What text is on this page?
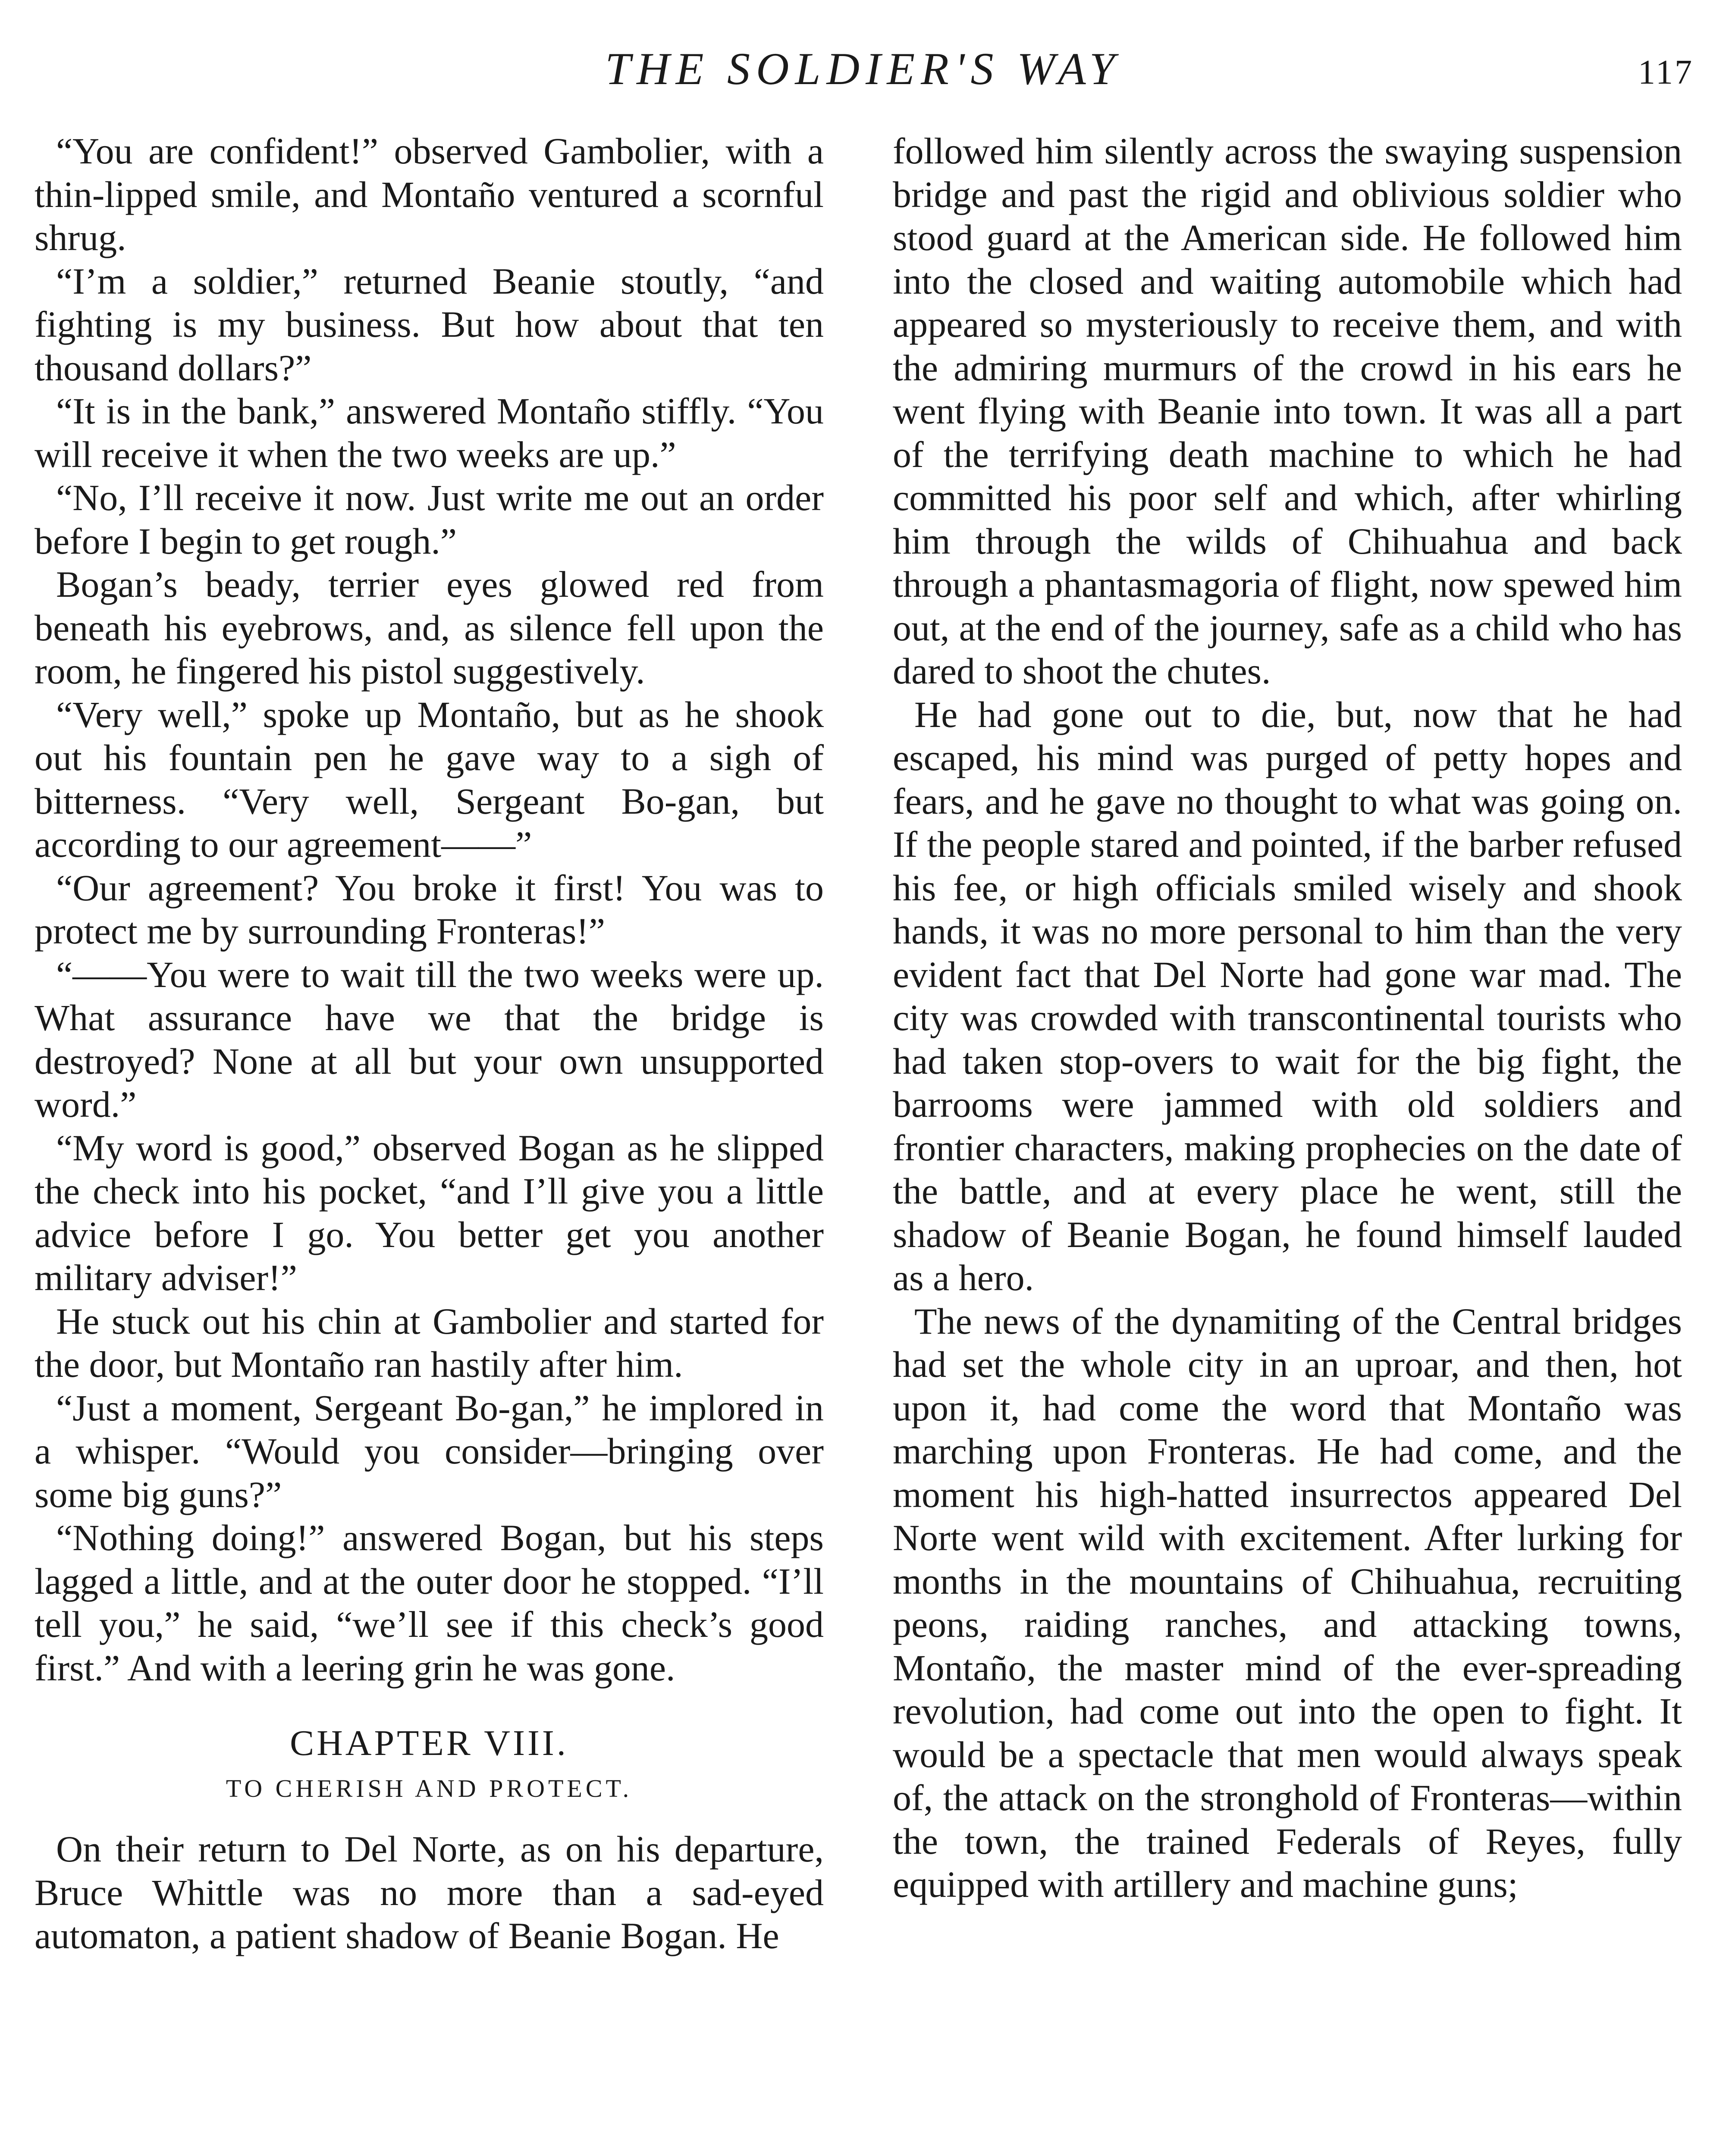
THE SOLDIER'S WAY	117

“You are confident!” observed Gambolier, with a thin-lipped smile, and Montaño ventured a scornful shrug.

“I’m a soldier,” returned Beanie stoutly, “and fighting is my business. But how about that ten thousand dollars?”

“It is in the bank,” answered Montaño stiffly. “You will receive it when the two weeks are up.”

“No, I’ll receive it now. Just write me out an order before I begin to get rough.”

Bogan’s beady, terrier eyes glowed red from beneath his eyebrows, and, as silence fell upon the room, he fingered his pistol suggestively.

“Very well,” spoke up Montaño, but as he shook out his fountain pen he gave way to a sigh of bitterness. “Very well, Sergeant Bo-gan, but according to our agreement——”

“Our agreement? You broke it first! You was to protect me by surrounding Fronteras!”

“——You were to wait till the two weeks were up. What assurance have we that the bridge is destroyed? None at all but your own unsupported word.”

“My word is good,” observed Bogan as he slipped the check into his pocket, “and I’ll give you a little advice before I go. You better get you another military adviser!”

He stuck out his chin at Gambolier and started for the door, but Montaño ran hastily after him.

“Just a moment, Sergeant Bo-gan,” he implored in a whisper. “Would you consider—bringing over some big guns?”

“Nothing doing!” answered Bogan, but his steps lagged a little, and at the outer door he stopped. “I’ll tell you,” he said, “we’ll see if this check’s good first.” And with a leering grin he was gone.

CHAPTER VIII.
TO CHERISH AND PROTECT.

On their return to Del Norte, as on his departure, Bruce Whittle was no more than a sad-eyed automaton, a patient shadow of Beanie Bogan. He

followed him silently across the swaying suspension bridge and past the rigid and oblivious soldier who stood guard at the American side. He followed him into the closed and waiting automobile which had appeared so mysteriously to receive them, and with the admiring murmurs of the crowd in his ears he went flying with Beanie into town. It was all a part of the terrifying death machine to which he had committed his poor self and which, after whirling him through the wilds of Chihuahua and back through a phantasmagoria of flight, now spewed him out, at the end of the journey, safe as a child who has dared to shoot the chutes.

He had gone out to die, but, now that he had escaped, his mind was purged of petty hopes and fears, and he gave no thought to what was going on. If the people stared and pointed, if the barber refused his fee, or high officials smiled wisely and shook hands, it was no more personal to him than the very evident fact that Del Norte had gone war mad. The city was crowded with transcontinental tourists who had taken stop-overs to wait for the big fight, the barrooms were jammed with old soldiers and frontier characters, making prophecies on the date of the battle, and at every place he went, still the shadow of Beanie Bogan, he found himself lauded as a hero.

The news of the dynamiting of the Central bridges had set the whole city in an uproar, and then, hot upon it, had come the word that Montaño was marching upon Fronteras. He had come, and the moment his high-hatted insurrectos appeared Del Norte went wild with excitement. After lurking for months in the mountains of Chihuahua, recruiting peons, raiding ranches, and attacking towns, Montaño, the master mind of the ever-spreading revolution, had come out into the open to fight. It would be a spectacle that men would always speak of, the attack on the stronghold of Fronteras—within the town, the trained Federals of Reyes, fully equipped with artillery and machine guns;
